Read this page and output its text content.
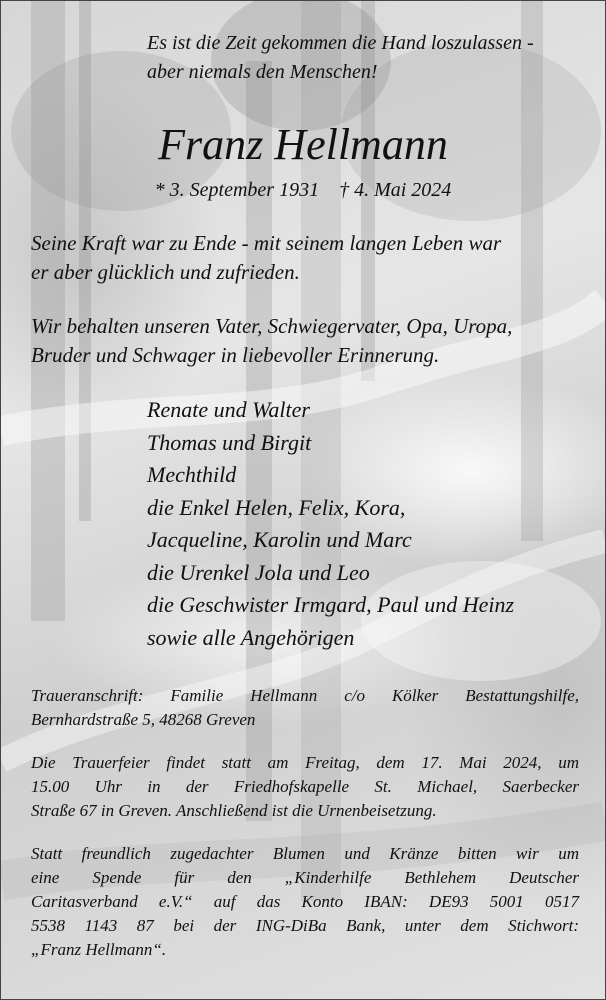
Es ist die Zeit gekommen die Hand loszulassen -
aber niemals den Menschen!
Franz Hellmann
* 3. September 1931 † 4. Mai 2024
Seine Kraft war zu Ende - mit seinem langen Leben war
er aber glücklich und zufrieden.
Wir behalten unseren Vater, Schwiegervater, Opa, Uropa,
Bruder und Schwager in liebevoller Erinnerung.
Renate und Walter
Thomas und Birgit
Mechthild
die Enkel Helen, Felix, Kora,
Jacqueline, Karolin und Marc
die Urenkel Jola und Leo
die Geschwister Irmgard, Paul und Heinz
sowie alle Angehörigen
Traueranschrift: Familie Hellmann c/o Kölker Bestattungshilfe,
Bernhardstraße 5, 48268 Greven
Die Trauerfeier findet statt am Freitag, dem 17. Mai 2024, um
15.00 Uhr in der Friedhofskapelle St. Michael, Saerbecker
Straße 67 in Greven. Anschließend ist die Urnenbeisetzung.
Statt freundlich zugedachter Blumen und Kränze bitten wir um
eine Spende für den „Kinderhilfe Bethlehem Deutscher
Caritasverband e.V.“ auf das Konto IBAN: DE93 5001 0517
5538 1143 87 bei der ING-DiBa Bank, unter dem Stichwort:
„Franz Hellmann“.
